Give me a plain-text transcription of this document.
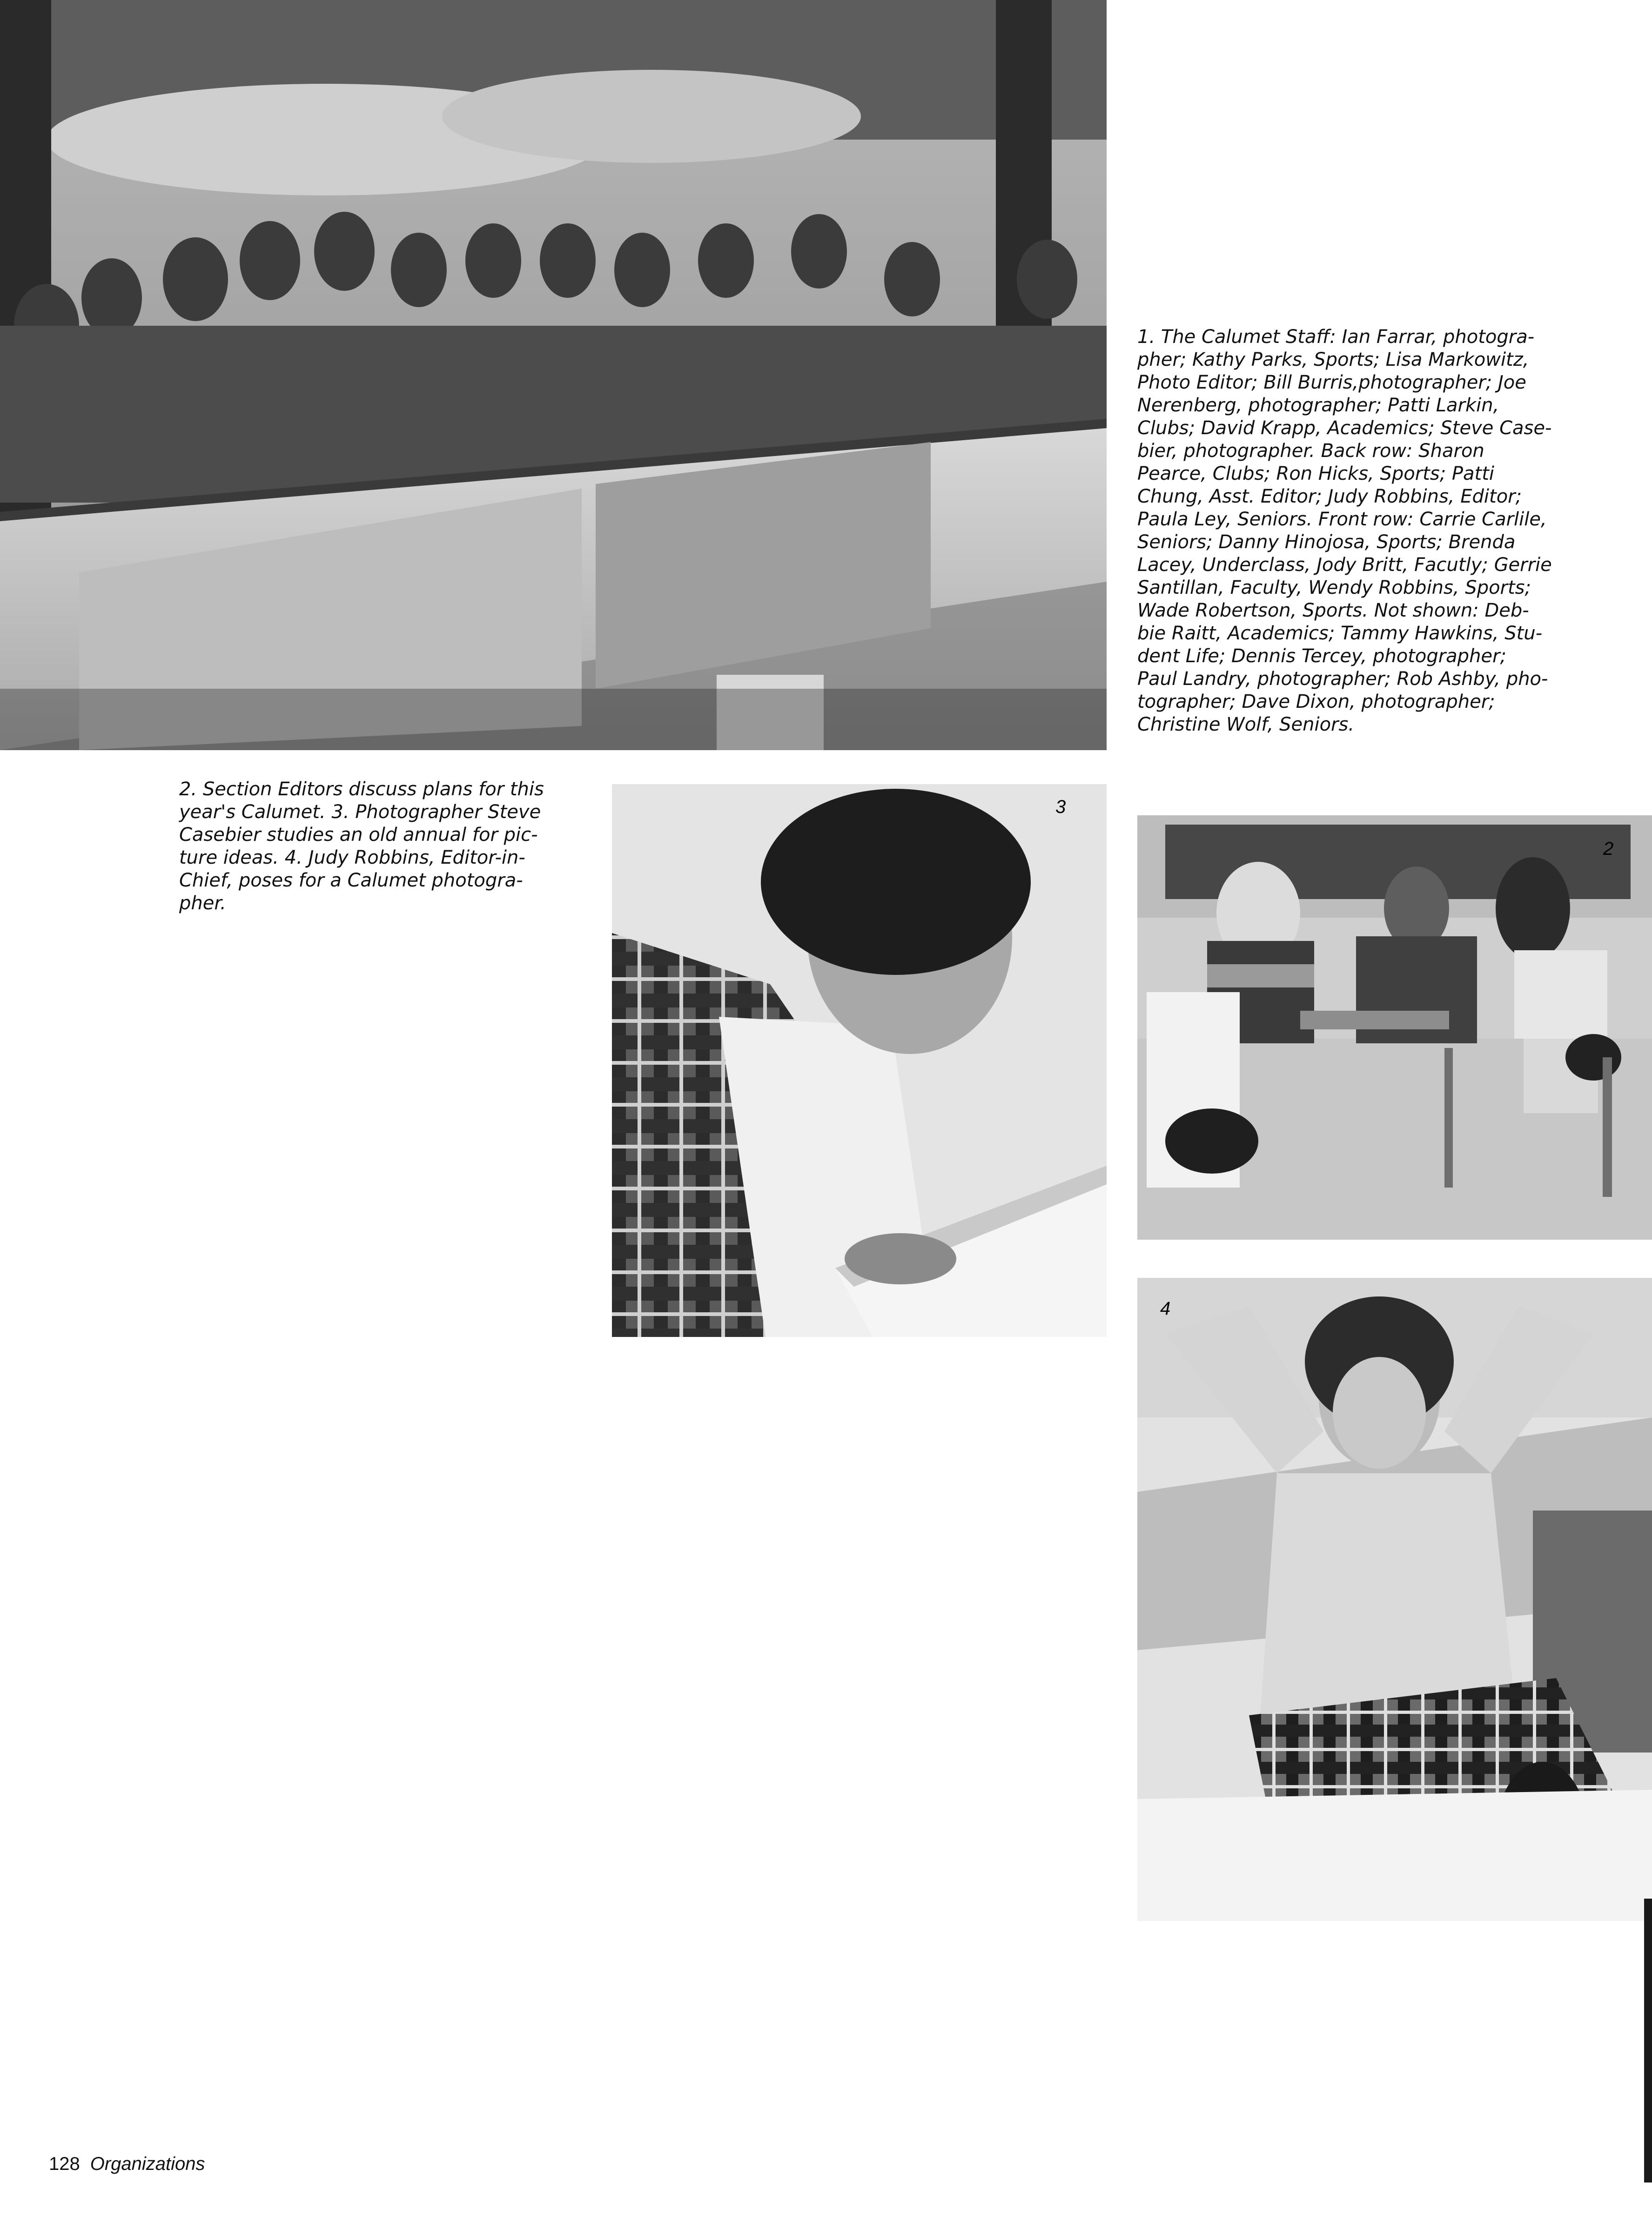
1. The Calumet Staff: Ian Farrar, photogra-
pher; Kathy Parks, Sports; Lisa Markowitz,
Photo Editor; Bill Burris,photographer; Joe
Nerenberg, photographer; Patti Larkin,
Clubs; David Krapp, Academics; Steve Case-
bier, photographer. Back row: Sharon
Pearce, Clubs; Ron Hicks, Sports; Patti
Chung, Asst. Editor; Judy Robbins, Editor;
Paula Ley, Seniors. Front row: Carrie Carlile,
Seniors; Danny Hinojosa, Sports; Brenda
Lacey, Underclass, Jody Britt, Facutly; Gerrie
Santillan, Faculty, Wendy Robbins, Sports;
Wade Robertson, Sports. Not shown: Deb-
bie Raitt, Academics; Tammy Hawkins, Stu-
dent Life; Dennis Tercey, photographer;
Paul Landry, photographer; Rob Ashby, pho-
tographer; Dave Dixon, photographer;
Christine Wolf, Seniors.

2. Section Editors discuss plans for this
year's Calumet. 3. Photographer Steve
Casebier studies an old annual for pic-
ture ideas. 4. Judy Robbins, Editor-in-
Chief, poses for a Calumet photogra-
pher.

3
2
4
128 Organizations
